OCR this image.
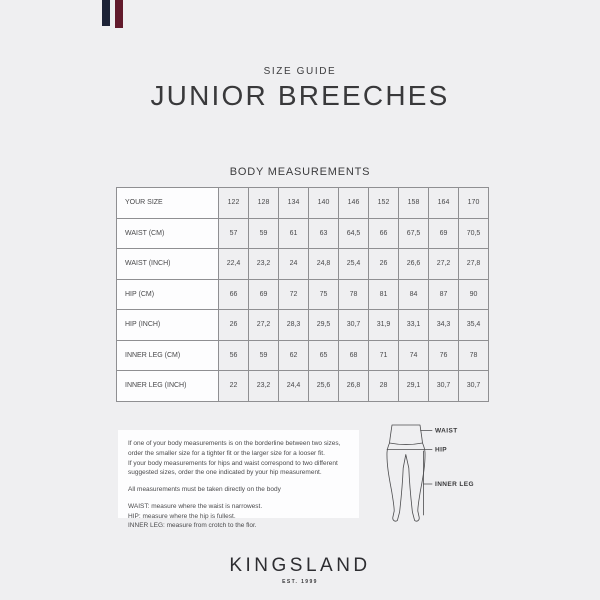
SIZE GUIDE
JUNIOR BREECHES
BODY MEASUREMENTS
YOUR SIZE	122	128	134	140	146	152	158	164	170
WAIST (CM)	57	59	61	63	64,5	66	67,5	69	70,5
WAIST (INCH)	22,4	23,2	24	24,8	25,4	26	26,6	27,2	27,8
HIP (CM)	66	69	72	75	78	81	84	87	90
HIP (INCH)	26	27,2	28,3	29,5	30,7	31,9	33,1	34,3	35,4
INNER LEG (CM)	56	59	62	65	68	71	74	76	78
INNER LEG (INCH)	22	23,2	24,4	25,6	26,8	28	29,1	30,7	30,7
If one of your body measurements is on the borderline between two sizes, order the smaller size for a tighter fit or the larger size for a looser fit.
If your body measurements for hips and waist correspond to two different suggested sizes, order the one indicated by your hip measurement.
All measurements must be taken directly on the body
WAIST: measure where the waist is narrowest.
HIP: measure where the hip is fullest.
INNER LEG: measure from crotch to the flor.
WAIST
HIP
INNER LEG
KINGSLAND
EST. 1999
